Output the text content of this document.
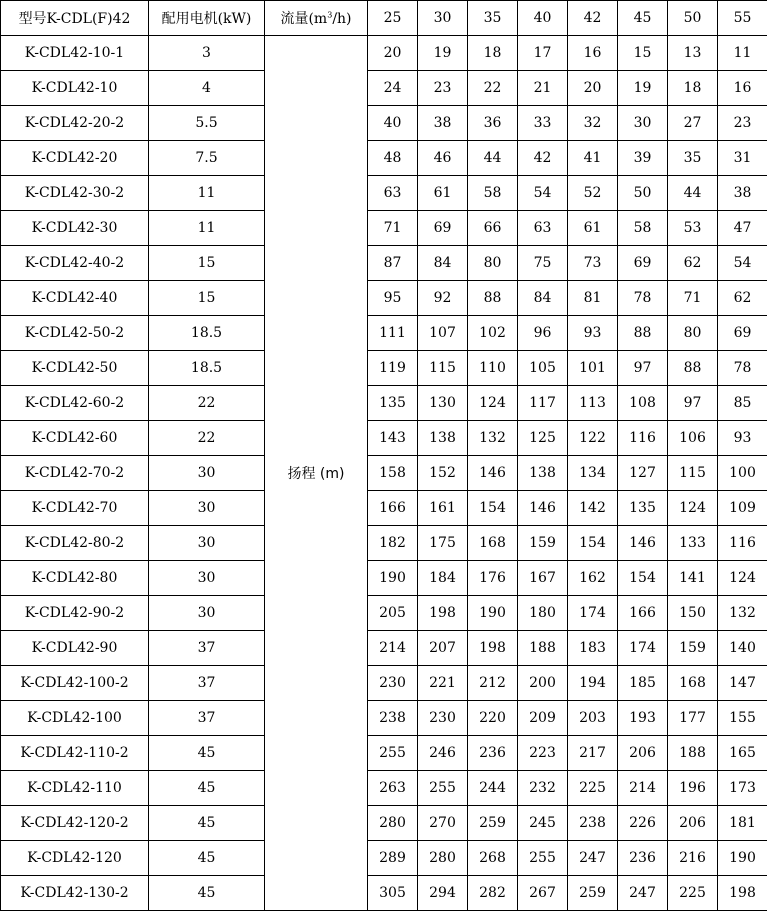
型号K-CDL(F)42	配用电机(kW)	流量$(m^3/h)$	25	30	35	40	42	45	50	55
K-CDL42-10-1	3	扬程 (m)	20	19	18	17	16	15	13	11
K-CDL42-10	4		24	23	22	21	20	19	18	16
K-CDL42-20-2	5.5		40	38	36	33	32	30	27	23
K-CDL42-20	7.5		48	46	44	42	41	39	35	31
K-CDL42-30-2	11		63	61	58	54	52	50	44	38
K-CDL42-30	11		71	69	66	63	61	58	53	47
K-CDL42-40-2	15		87	84	80	75	73	69	62	54
K-CDL42-40	15		95	92	88	84	81	78	71	62
K-CDL42-50-2	18.5		111	107	102	96	93	88	80	69
K-CDL42-50	18.5		119	115	110	105	101	97	88	78
K-CDL42-60-2	22		135	130	124	117	113	108	97	85
K-CDL42-60	22		143	138	132	125	122	116	106	93
K-CDL42-70-2	30		158	152	146	138	134	127	115	100
K-CDL42-70	30		166	161	154	146	142	135	124	109
K-CDL42-80-2	30		182	175	168	159	154	146	133	116
K-CDL42-80	30		190	184	176	167	162	154	141	124
K-CDL42-90-2	30		205	198	190	180	174	166	150	132
K-CDL42-90	37		214	207	198	188	183	174	159	140
K-CDL42-100-2	37		230	221	212	200	194	185	168	147
K-CDL42-100	37		238	230	220	209	203	193	177	155
K-CDL42-110-2	45		255	246	236	223	217	206	188	165
K-CDL42-110	45		263	255	244	232	225	214	196	173
K-CDL42-120-2	45		280	270	259	245	238	226	206	181
K-CDL42-120	45		289	280	268	255	247	236	216	190
K-CDL42-130-2	45		305	294	282	267	259	247	225	198
